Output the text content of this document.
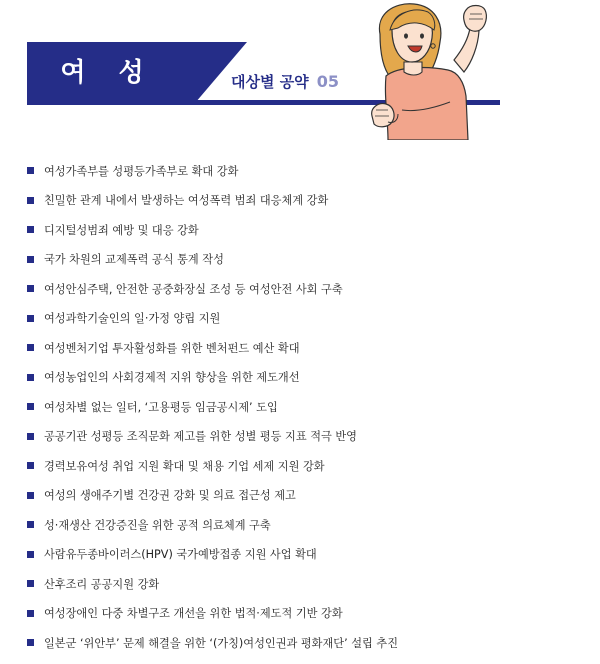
여 성	대상별 공약 05
여성가족부를 성평등가족부로 확대 강화
친밀한 관계 내에서 발생하는 여성폭력 범죄 대응체계 강화
디지털성범죄 예방 및 대응 강화
국가 차원의 교제폭력 공식 통계 작성
여성안심주택, 안전한 공중화장실 조성 등 여성안전 사회 구축
여성과학기술인의 일·가정 양립 지원
여성벤처기업 투자활성화를 위한 벤처펀드 예산 확대
여성농업인의 사회경제적 지위 향상을 위한 제도개선
여성차별 없는 일터, ‘고용평등 임금공시제’ 도입
공공기관 성평등 조직문화 제고를 위한 성별 평등 지표 적극 반영
경력보유여성 취업 지원 확대 및 채용 기업 세제 지원 강화
여성의 생애주기별 건강권 강화 및 의료 접근성 제고
성·재생산 건강증진을 위한 공적 의료체계 구축
사람유두종바이러스(HPV) 국가예방접종 지원 사업 확대
산후조리 공공지원 강화
여성장애인 다중 차별구조 개선을 위한 법적·제도적 기반 강화
일본군 ‘위안부’ 문제 해결을 위한 ‘(가칭)여성인권과 평화재단’ 설립 추진
